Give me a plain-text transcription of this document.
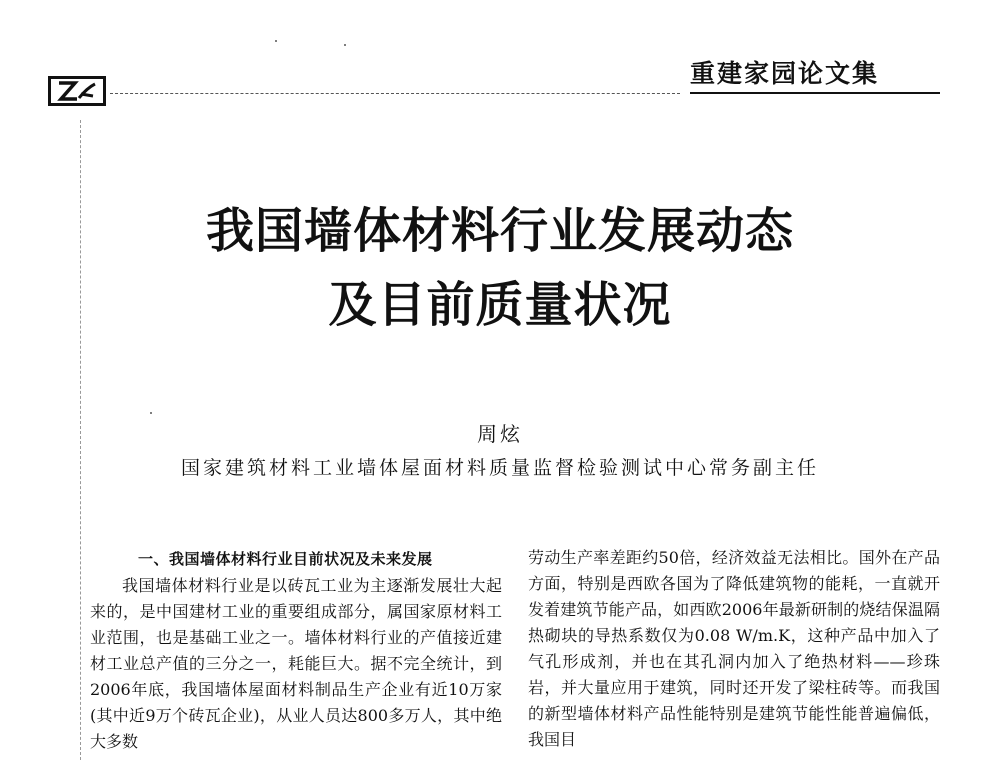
重建家园论文集
我国墙体材料行业发展动态
及目前质量状况
周炫
国家建筑材料工业墙体屋面材料质量监督检验测试中心常务副主任

一、我国墙体材料行业目前状况及未来发展

我国墙体材料行业是以砖瓦工业为主逐渐发展壮大起来的，是中国建材工业的重要组成部分，属国家原材料工业范围，也是基础工业之一。墙体材料行业的产值接近建材工业总产值的三分之一，耗能巨大。据不完全统计，到2006年底，我国墙体屋面材料制品生产企业有近10万家(其中近9万个砖瓦企业)，从业人员达800多万人，其中绝大多数

劳动生产率差距约50倍，经济效益无法相比。国外在产品方面，特别是西欧各国为了降低建筑物的能耗，一直就开发着建筑节能产品，如西欧2006年最新研制的烧结保温隔热砌块的导热系数仅为0.08 W/m.K，这种产品中加入了气孔形成剂，并也在其孔洞内加入了绝热材料——珍珠岩，并大量应用于建筑，同时还开发了梁柱砖等。而我国的新型墙体材料产品性能特别是建筑节能性能普遍偏低，我国目
